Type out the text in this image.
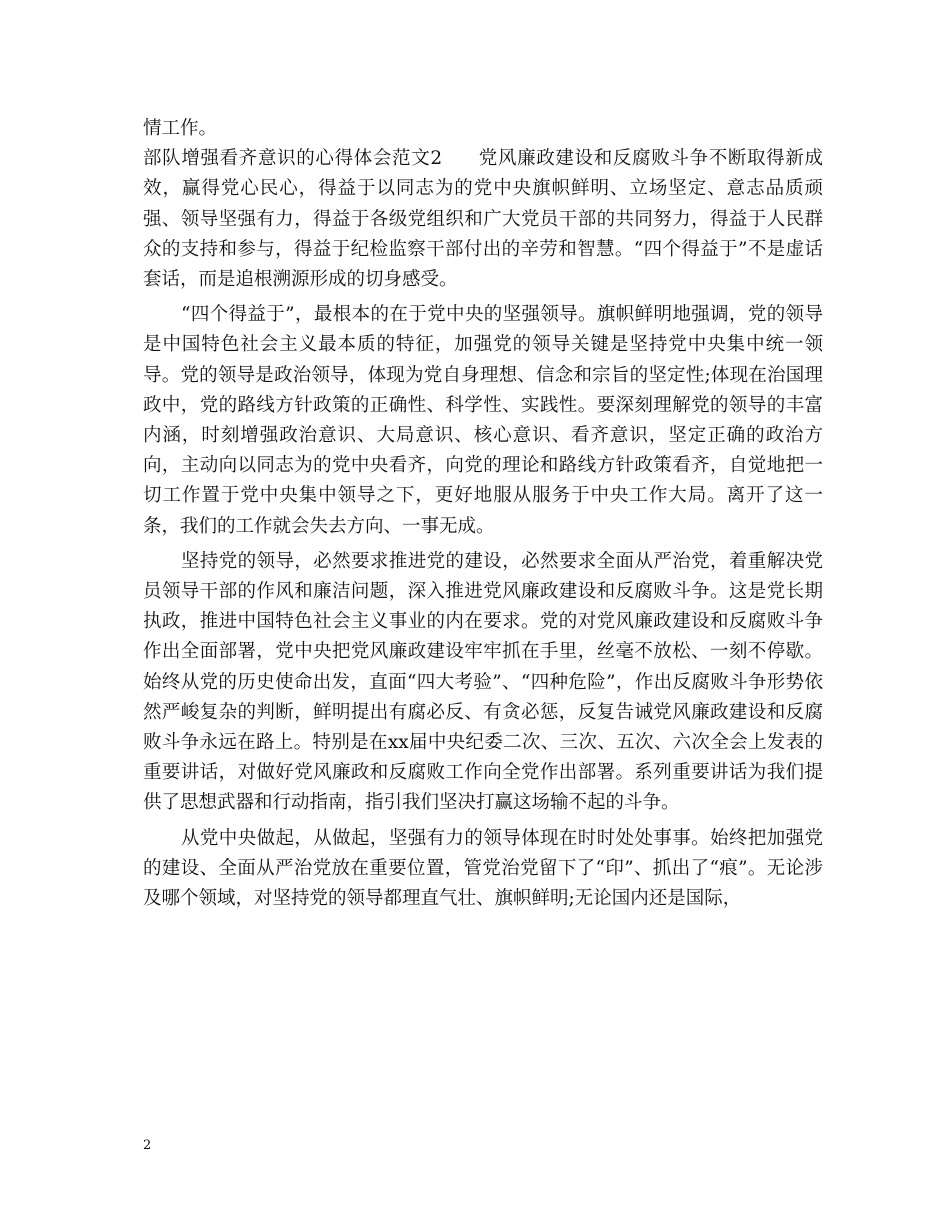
情工作。

部队增强看齐意识的心得体会范文2 党风廉政建设和反腐败斗争不断取得新成效，赢得党心民心，得益于以同志为的党中央旗帜鲜明、立场坚定、意志品质顽强、领导坚强有力，得益于各级党组织和广大党员干部的共同努力，得益于人民群众的支持和参与，得益于纪检监察干部付出的辛劳和智慧。“四个得益于”不是虚话套话，而是追根溯源形成的切身感受。

“四个得益于”，最根本的在于党中央的坚强领导。旗帜鲜明地强调，党的领导是中国特色社会主义最本质的特征，加强党的领导关键是坚持党中央集中统一领导。党的领导是政治领导，体现为党自身理想、信念和宗旨的坚定性;体现在治国理政中，党的路线方针政策的正确性、科学性、实践性。要深刻理解党的领导的丰富内涵，时刻增强政治意识、大局意识、核心意识、看齐意识，坚定正确的政治方向，主动向以同志为的党中央看齐，向党的理论和路线方针政策看齐，自觉地把一切工作置于党中央集中领导之下，更好地服从服务于中央工作大局。离开了这一条，我们的工作就会失去方向、一事无成。

坚持党的领导，必然要求推进党的建设，必然要求全面从严治党，着重解决党员领导干部的作风和廉洁问题，深入推进党风廉政建设和反腐败斗争。这是党长期执政，推进中国特色社会主义事业的内在要求。党的对党风廉政建设和反腐败斗争作出全面部署，党中央把党风廉政建设牢牢抓在手里，丝毫不放松、一刻不停歇。始终从党的历史使命出发，直面“四大考验”、“四种危险”，作出反腐败斗争形势依然严峻复杂的判断，鲜明提出有腐必反、有贪必惩，反复告诫党风廉政建设和反腐败斗争永远在路上。特别是在xx届中央纪委二次、三次、五次、六次全会上发表的重要讲话，对做好党风廉政和反腐败工作向全党作出部署。系列重要讲话为我们提供了思想武器和行动指南，指引我们坚决打赢这场输不起的斗争。

从党中央做起，从做起，坚强有力的领导体现在时时处处事事。始终把加强党的建设、全面从严治党放在重要位置，管党治党留下了“印”、抓出了“痕”。无论涉及哪个领域，对坚持党的领导都理直气壮、旗帜鲜明;无论国内还是国际，

2
